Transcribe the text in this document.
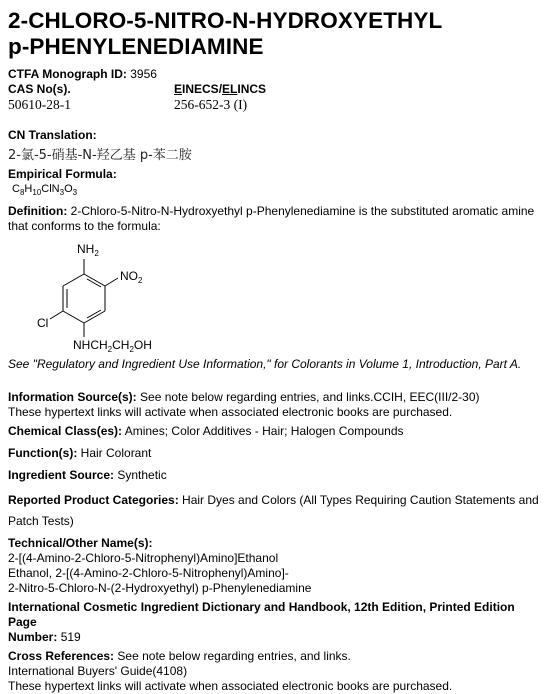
2-CHLORO-5-NITRO-N-HYDROXYETHYL
p-PHENYLENEDIAMINE
CTFA Monograph ID: 3956
CAS No(s).	EINECS/ELINCS
50610-28-1	256-652-3 (I)
CN Translation:
2-氯-5-硝基-N-羟乙基 p-苯二胺
Empirical Formula:
$C_8H_{10}ClN_3O_3$
Definition: 2-Chloro-5-Nitro-N-Hydroxyethyl p-Phenylenediamine is the substituted aromatic amine that conforms to the formula:
$NH_2$
$NO_2$
Cl
$NHCH_2CH_2OH$
See "Regulatory and Ingredient Use Information," for Colorants in Volume 1, Introduction, Part A.
Information Source(s): See note below regarding entries, and links.CCIH, EEC(III/2-30)
These hypertext links will activate when associated electronic books are purchased.
Chemical Class(es): Amines; Color Additives - Hair; Halogen Compounds
Function(s): Hair Colorant
Ingredient Source: Synthetic
Reported Product Categories: Hair Dyes and Colors (All Types Requiring Caution Statements and
Patch Tests)
Technical/Other Name(s):
2-[(4-Amino-2-Chloro-5-Nitrophenyl)Amino]Ethanol
Ethanol, 2-[(4-Amino-2-Chloro-5-Nitrophenyl)Amino]-
2-Nitro-5-Chloro-N-(2-Hydroxyethyl) p-Phenylenediamine
International Cosmetic Ingredient Dictionary and Handbook, 12th Edition, Printed Edition Page
Number: 519
Cross References: See note below regarding entries, and links.
International Buyers' Guide(4108)
These hypertext links will activate when associated electronic books are purchased.
